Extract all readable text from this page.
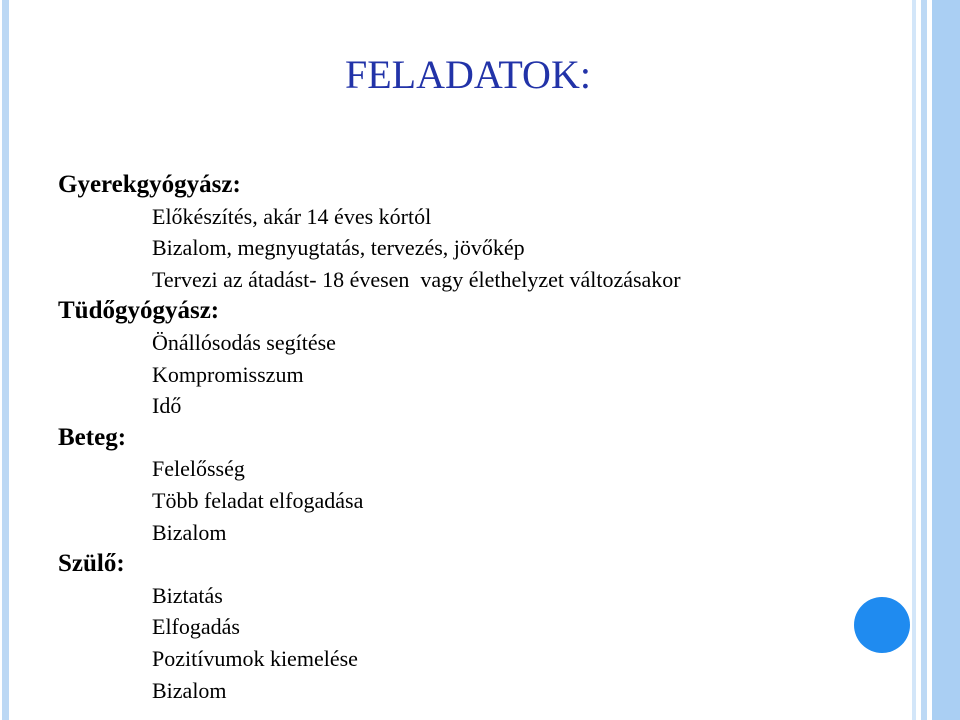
FELADATOK:
Gyerekgyógyász:
Előkészítés, akár 14 éves kórtól
Bizalom, megnyugtatás, tervezés, jövőkép
Tervezi az átadást- 18 évesen  vagy élethelyzet változásakor
Tüdőgyógyász:
Önállósodás segítése
Kompromisszum
Idő
Beteg:
Felelősség
Több feladat elfogadása
Bizalom
Szülő:
Biztatás
Elfogadás
Pozitívumok kiemelése
Bizalom
